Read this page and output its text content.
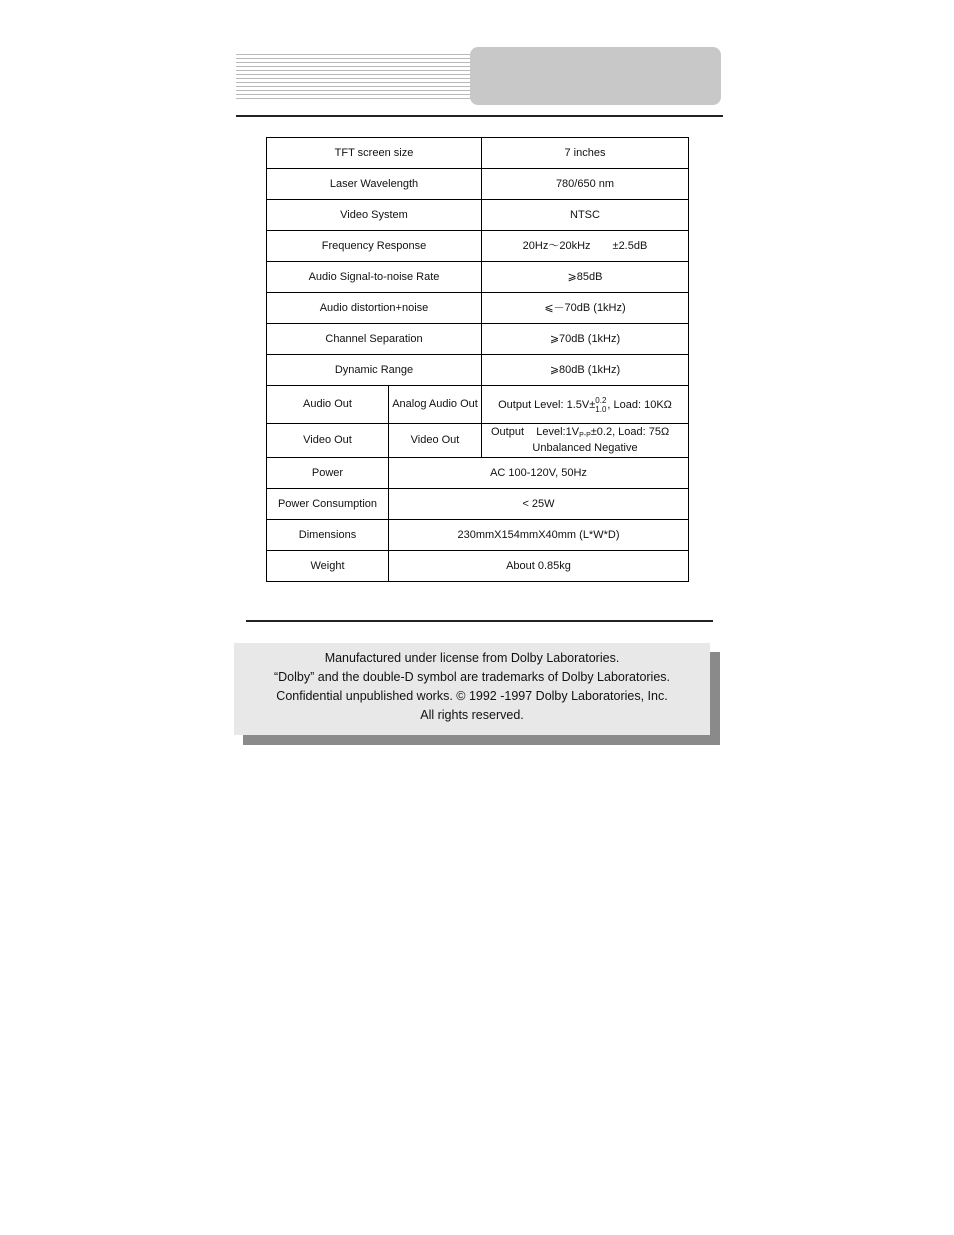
TFT screen size		7 inches
Laser Wavelength		780/650 nm
Video System		NTSC
Frequency Response		20Hz～20kHz ±2.5dB
Audio Signal-to-noise Rate		⩾85dB
Audio distortion+noise		⩽－70dB (1kHz)
Channel Separation		⩾70dB (1kHz)
Dynamic Range		⩾80dB (1kHz)
Audio Out	Analog Audio Out	Output Level: 1.5V± 0.2
1.0 , Load: 10KΩ
Video Out	Video Out	Output    $Level:1V_{P-P}\pm 0.2$, Load: 75Ω
Unbalanced Negative

Power	AC 100-120V, 50Hz	
Power Consumption	< 25W	
Dimensions	230mmX154mmX40mm (L*W*D)	
Weight	About 0.85kg	
Manufactured under license from Dolby Laboratories.
“Dolby” and the double-D symbol are trademarks of Dolby Laboratories.
Confidential unpublished works. © 1992 -1997 Dolby Laboratories, Inc.
All rights reserved.
